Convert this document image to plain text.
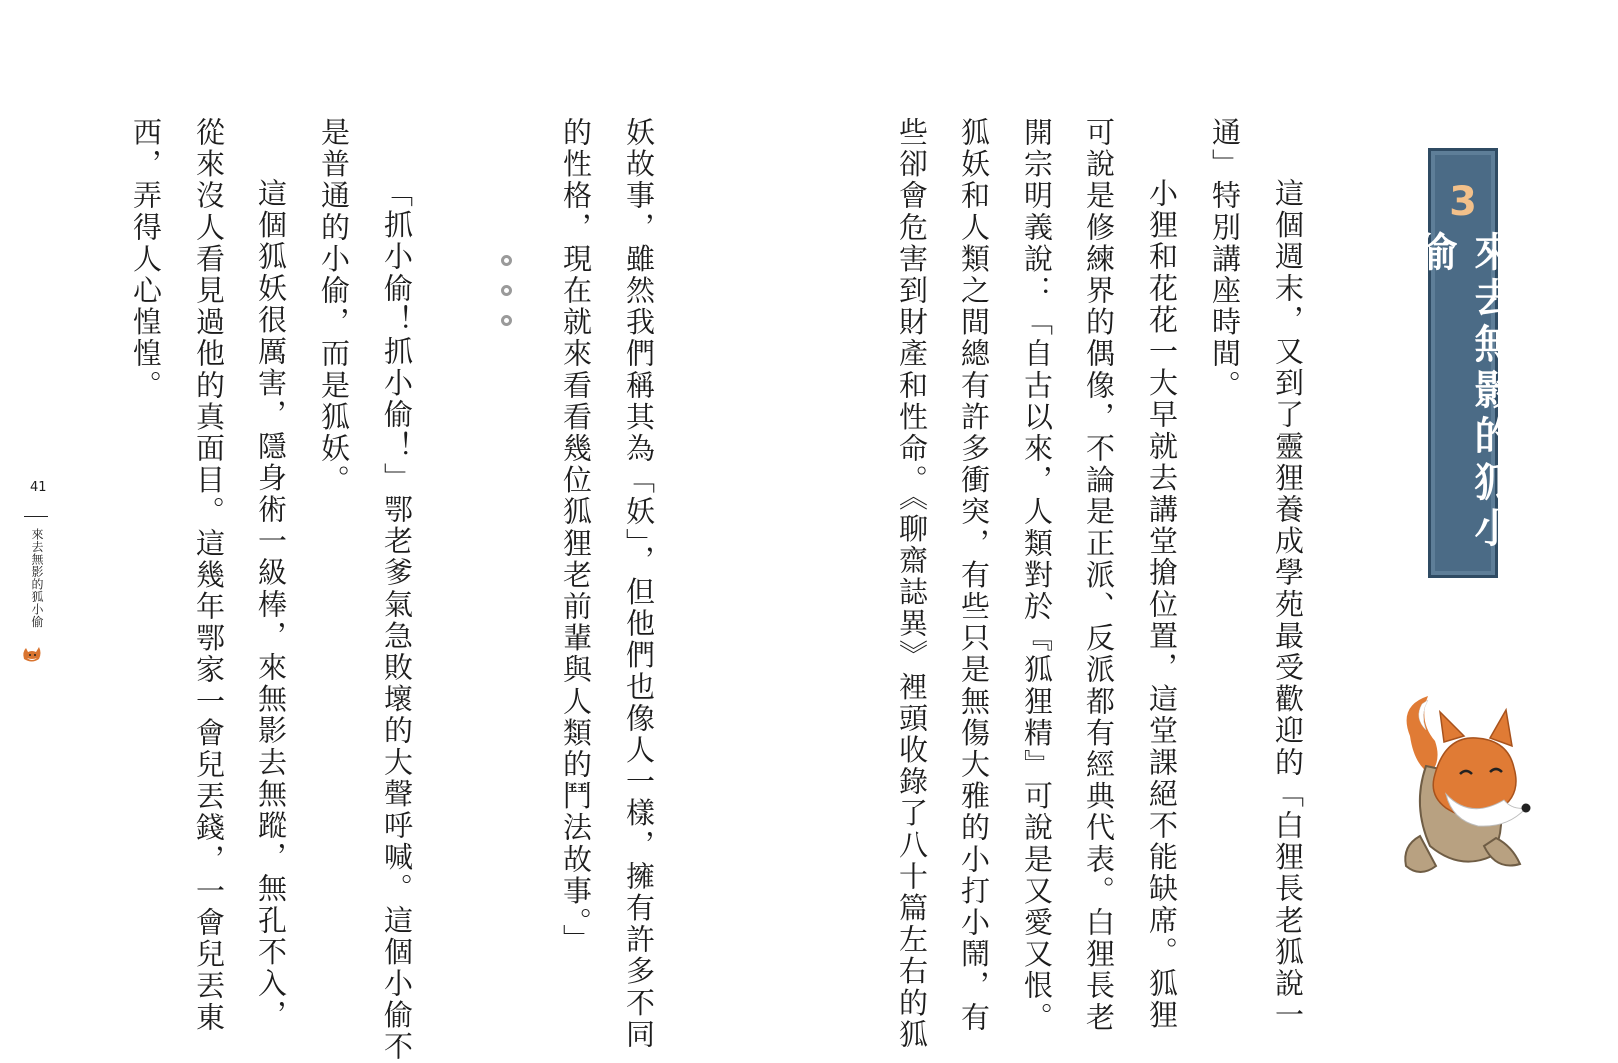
3
來去無影的狐小偷
這個週末，又到了靈狸養成學苑最受歡迎的「白狸長老狐說一
通」特別講座時間。
小狸和花花一大早就去講堂搶位置，這堂課絕不能缺席。狐狸
可說是修練界的偶像，不論是正派、反派都有經典代表。白狸長老
開宗明義說：「自古以來，人類對於『狐狸精』可說是又愛又恨。
狐妖和人類之間總有許多衝突，有些只是無傷大雅的小打小鬧，有
些卻會危害到財產和性命。《聊齋誌異》裡頭收錄了八十篇左右的狐
妖故事，雖然我們稱其為「妖」，但他們也像人一樣，擁有許多不同
的性格，現在就來看看幾位狐狸老前輩與人類的鬥法故事。」
「抓小偷！抓小偷！」鄂老爹氣急敗壞的大聲呼喊。這個小偷不
是普通的小偷，而是狐妖。
這個狐妖很厲害，隱身術一級棒，來無影去無蹤，無孔不入，
從來沒人看見過他的真面目。這幾年鄂家一會兒丟錢，一會兒丟東
西，弄得人心惶惶。
41
來去無影的狐小偷
